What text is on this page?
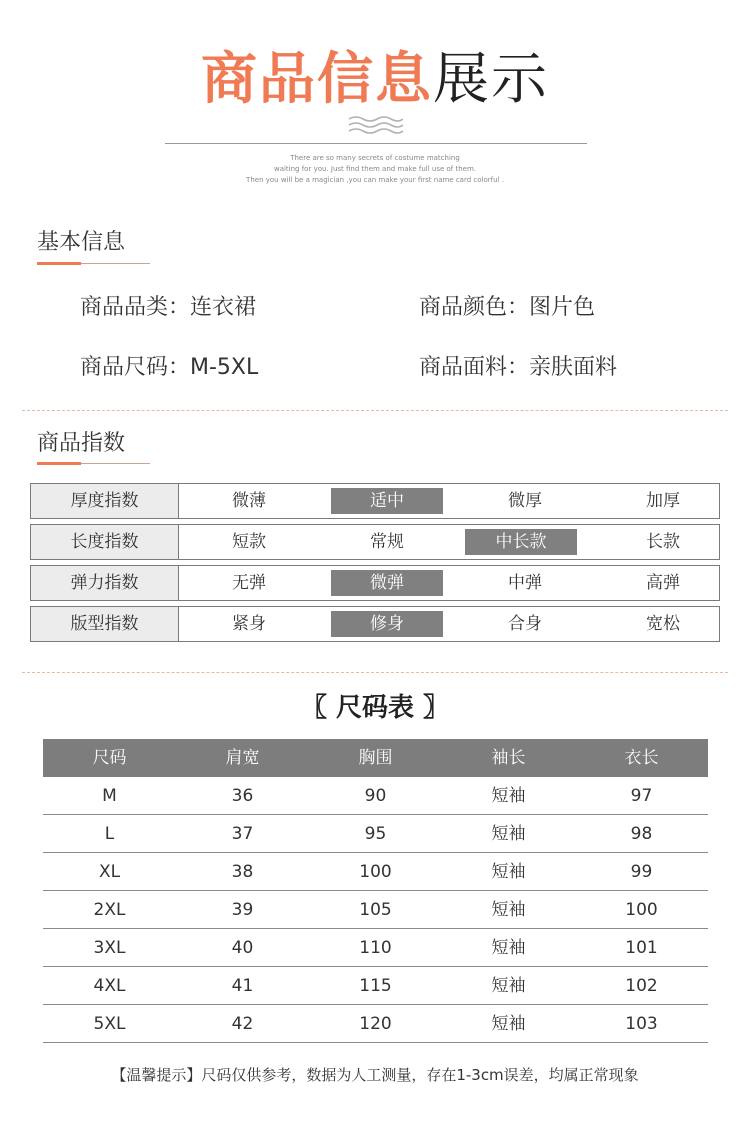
商品信息展示
There are so many secrets of costume matching
waiting for you. Just find them and make full use of them.
Then you will be a magician ,you can make your first name card colorful .
基本信息
商品品类：连衣裙	商品颜色：图片色
商品尺码：M-5XL	商品面料：亲肤面料
商品指数
厚度指数	微薄	适中	微厚	加厚
长度指数	短款	常规	中长款	长款
弹力指数	无弹	微弹	中弹	高弹
版型指数	紧身	修身	合身	宽松
〖 尺码表 〗
尺码	肩宽	胸围	袖长	衣长
M	36	90	短袖	97
L	37	95	短袖	98
XL	38	100	短袖	99
2XL	39	105	短袖	100
3XL	40	110	短袖	101
4XL	41	115	短袖	102
5XL	42	120	短袖	103
【温馨提示】尺码仅供参考，数据为人工测量，存在1-3cm误差，均属正常现象
